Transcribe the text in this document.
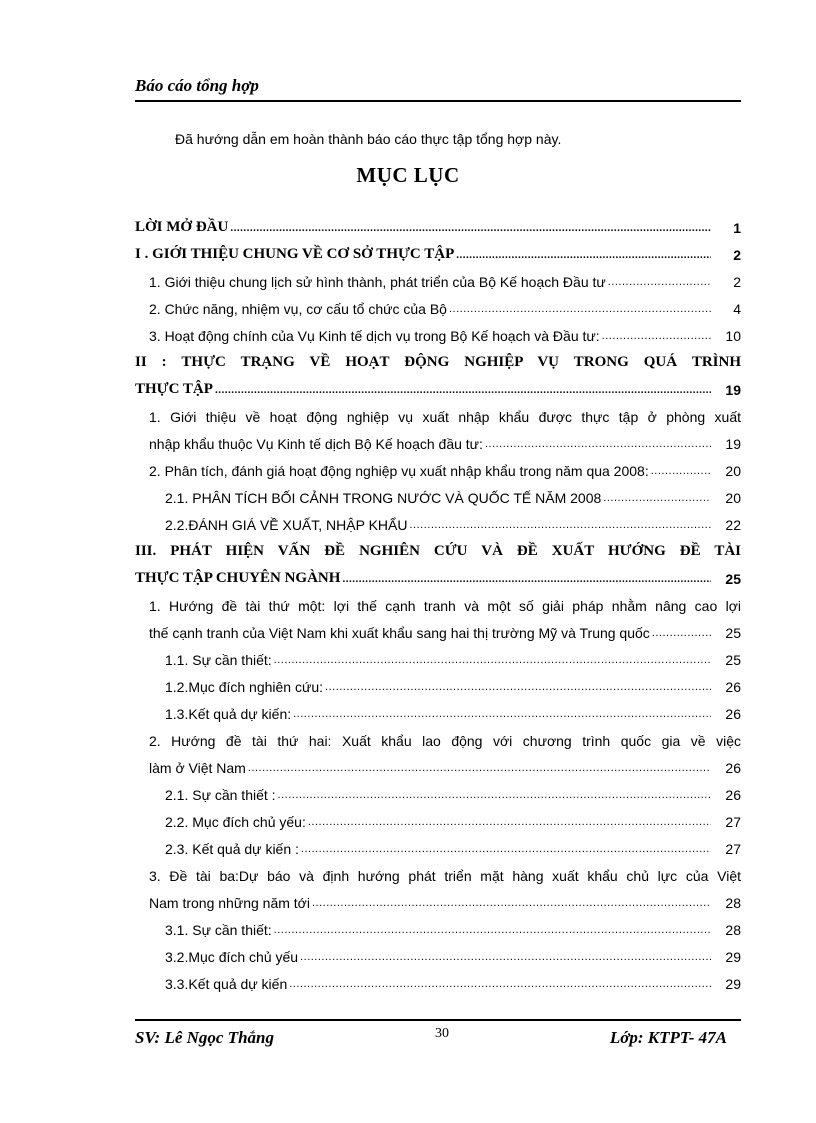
Báo cáo tổng hợp
Đã hướng dẫn em hoàn thành báo cáo thực tập tổng hợp này.
MỤC LỤC
LỜI MỞ ĐẦU .....	1
I . GIỚI THIỆU CHUNG VỀ CƠ SỞ THỰC TẬP .....	2
1. Giới thiệu chung lịch sử hình thành, phát triển của Bộ Kế hoạch Đầu tư .....	2
2. Chức năng, nhiệm vụ, cơ cấu tổ chức của Bộ .....	4
3. Hoạt động chính của Vụ Kinh tế dịch vụ trong Bộ Kế hoạch và Đầu tư: .....	10
II : THỰC TRẠNG VỀ HOẠT ĐỘNG NGHIỆP VỤ TRONG QUÁ TRÌNH
THỰC TẬP .....	19
1. Giới thiệu về hoạt động nghiệp vụ xuất nhập khẩu được thực tập ở phòng xuất
nhập khẩu thuộc Vụ Kinh tế dịch Bộ Kế hoạch đầu tư: .....	19
2. Phân tích, đánh giá hoạt động nghiệp vụ xuất nhập khẩu trong năm qua 2008: .....	20
2.1. PHÂN TÍCH BỐI CẢNH TRONG NƯỚC VÀ QUỐC TẾ NĂM 2008 .....	20
2.2.ĐÁNH GIÁ VỀ XUẤT, NHẬP KHẨU .....	22
III. PHÁT HIỆN VẤN ĐỀ NGHIÊN CỨU VÀ ĐỀ XUẤT HƯỚNG ĐỀ TÀI
THỰC TẬP CHUYÊN NGÀNH .....	25
1. Hướng đề tài thứ một: lợi thế cạnh tranh và một số giải pháp nhằm nâng cao lợi
thế cạnh tranh của Việt Nam khi xuất khẩu sang hai thị trường Mỹ và Trung quốc .....	25
1.1. Sự cần thiết: .....	25
1.2.Mục đích nghiên cứu: .....	26
1.3.Kết quả dự kiến: .....	26
2. Hướng đề tài thứ hai: Xuất khẩu lao động với chương trình quốc gia về việc
làm ở Việt Nam .....	26
2.1. Sự cần thiết : .....	26
2.2. Mục đích chủ yếu: .....	27
2.3. Kết quả dự kiến : .....	27
3. Đề tài ba:Dự báo và định hướng phát triển mặt hàng xuất khẩu chủ lực của Việt
Nam trong những năm tới .....	28
3.1. Sự cần thiết: .....	28
3.2.Mục đích chủ yếu .....	29
3.3.Kết quả dự kiến .....	29
SV: Lê Ngọc Thắng	30	Lớp: KTPT- 47A
